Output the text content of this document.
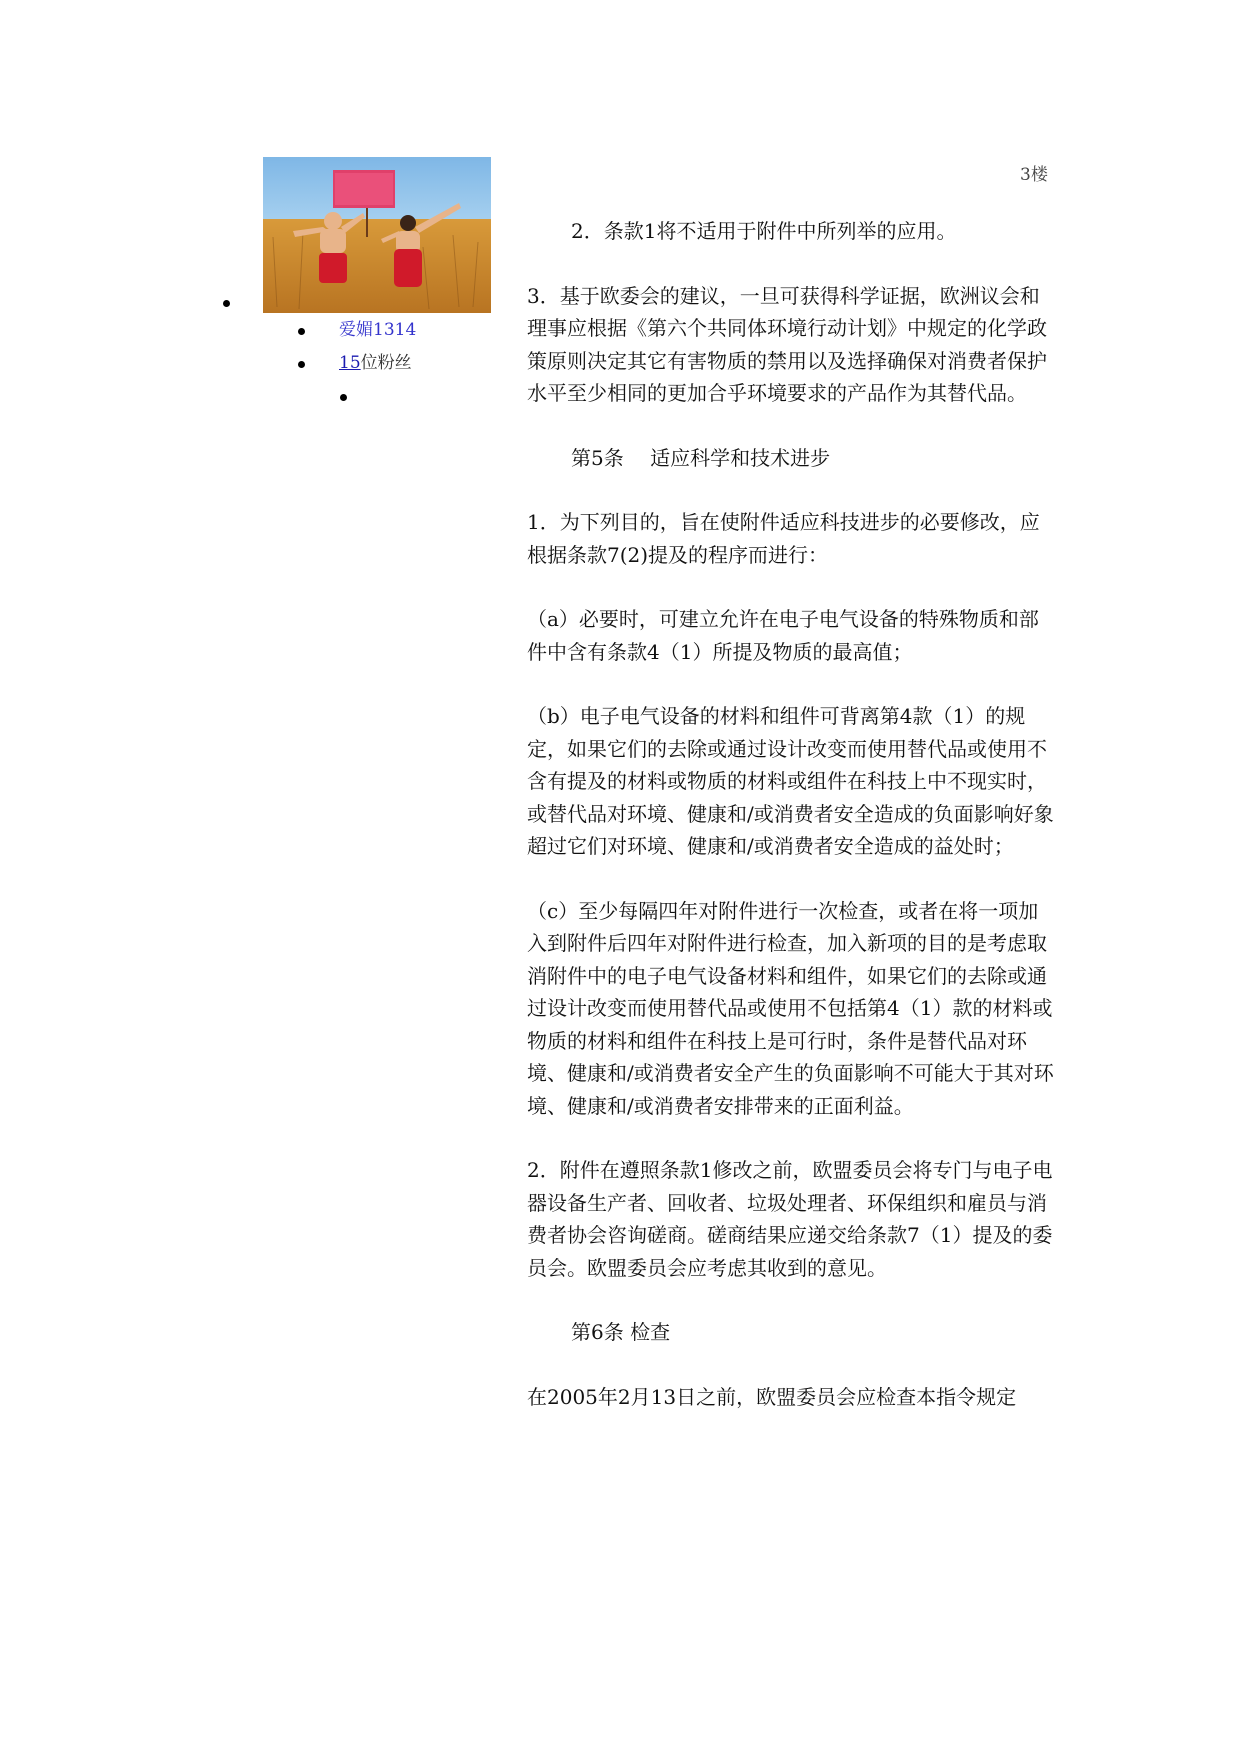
爱媚1314
15位粉丝
3楼

2．条款1将不适用于附件中所列举的应用。

3．基于欧委会的建议，一旦可获得科学证据，欧洲议会和理事应根据《第六个共同体环境行动计划》中规定的化学政策原则决定其它有害物质的禁用以及选择确保对消费者保护水平至少相同的更加合乎环境要求的产品作为其替代品。

第5条　 适应科学和技术进步

1．为下列目的，旨在使附件适应科技进步的必要修改，应根据条款7(2)提及的程序而进行：

（a）必要时，可建立允许在电子电气设备的特殊物质和部件中含有条款4（1）所提及物质的最高值；

（b）电子电气设备的材料和组件可背离第4款（1）的规定，如果它们的去除或通过设计改变而使用替代品或使用不含有提及的材料或物质的材料或组件在科技上中不现实时，或替代品对环境、健康和/或消费者安全造成的负面影响好象超过它们对环境、健康和/或消费者安全造成的益处时；

（c）至少每隔四年对附件进行一次检查，或者在将一项加入到附件后四年对附件进行检查，加入新项的目的是考虑取消附件中的电子电气设备材料和组件，如果它们的去除或通过设计改变而使用替代品或使用不包括第4（1）款的材料或物质的材料和组件在科技上是可行时，条件是替代品对环境、健康和/或消费者安全产生的负面影响不可能大于其对环境、健康和/或消费者安排带来的正面利益。

2．附件在遵照条款1修改之前，欧盟委员会将专门与电子电器设备生产者、回收者、垃圾处理者、环保组织和雇员与消费者协会咨询磋商。磋商结果应递交给条款7（1）提及的委员会。欧盟委员会应考虑其收到的意见。

第6条 检查

在2005年2月13日之前，欧盟委员会应检查本指令规定
